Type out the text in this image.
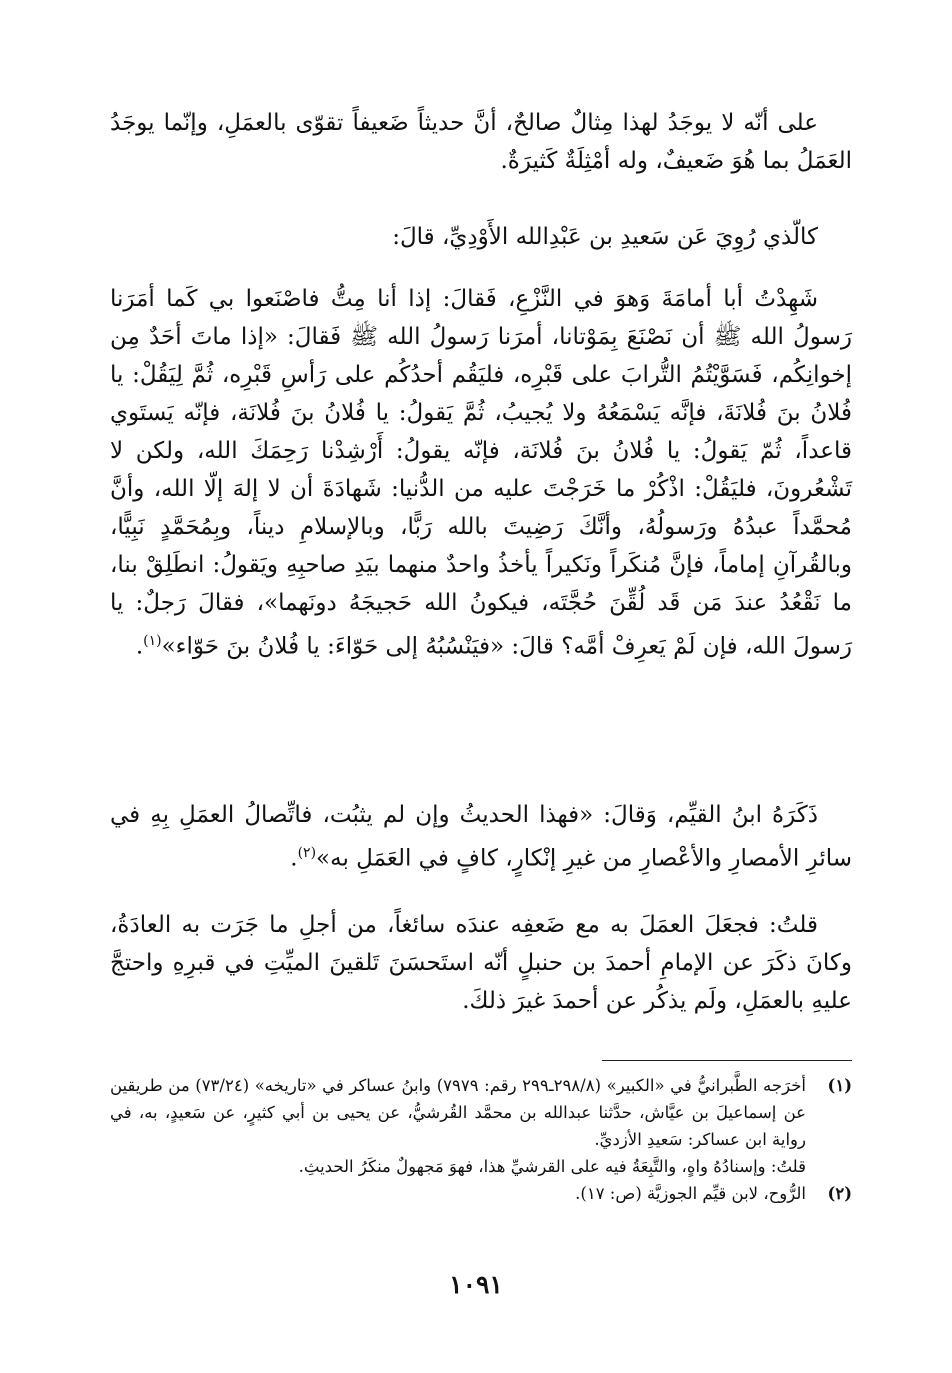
على أنّه لا يوجَدُ لهذا مِثالٌ صالحٌ، أنَّ حديثاً ضَعيفاً تقوّى بالعمَلِ، وإنّما يوجَدُ العَمَلُ بما هُوَ ضَعيفٌ، وله أمْثِلَةٌ كَثيرَةٌ.

كالّذي رُوِيَ عَن سَعيدِ بن عَبْدِالله الأَوْدِيِّ، قالَ:

شَهِدْتُ أبا أمامَةَ وَهوَ في النَّزْعِ، فَقالَ: إذا أنا مِتُّ فاصْنَعوا بي كَما أمَرَنا رَسولُ الله ﷺ أن نَصْنَعَ بِمَوْتانا، أمرَنا رَسولُ الله ﷺ فَقالَ: «إذا ماتَ أحَدٌ مِن إخوانِكُم، فَسَوَّيْتُمُ التُّرابَ على قَبْرِه، فليَقُم أحدُكُم على رَأسِ قَبْرِه، ثُمَّ لِيَقُلْ: يا فُلانُ بنَ فُلانَةَ، فإنَّه يَسْمَعُهُ ولا يُجيبُ، ثُمَّ يَقولُ: يا فُلانُ بنَ فُلانَة، فإنّه يَستَوي قاعداً، ثُمّ يَقولُ: يا فُلانُ بنَ فُلانَة، فإنّه يقولُ: أَرْشِدْنا رَحِمَكَ الله، ولكن لا تَشْعُرونَ، فليَقُلْ: اذْكُرْ ما خَرَجْتَ عليه من الدُّنيا: شَهادَةَ أن لا إلهَ إلّا الله، وأنَّ مُحمَّداً عبدُهُ ورَسولُهُ، وأنَّكَ رَضِيتَ بالله رَبًّا، وبالإسلامِ ديناً، وبِمُحَمَّدٍ نَبِيًّا، وبالقُرآنِ إماماً، فإنَّ مُنكَراً ونَكيراً يأخذُ واحدٌ منهما بيَدِ صاحبِهِ ويَقولُ: انطَلِقْ بنا، ما نَقْعُدُ عندَ مَن قَد لُقِّنَ حُجَّتَه، فيكونُ الله حَجيجَهُ دونَهما»، فقالَ رَجلٌ: يا رَسولَ الله، فإن لَمْ يَعرِفْ أمَّه؟ قالَ: «فيَنْسُبُهُ إلى حَوّاءَ: يا فُلانُ بنَ حَوّاء»$^{(١)}$.

ذَكَرَهُ ابنُ القيِّم، وَقالَ: «فهذا الحديثُ وإن لم يثبُت، فاتِّصالُ العمَلِ بِهِ في سائرِ الأمصارِ والأعْصارِ من غيرِ إنْكارٍ، كافٍ في العَمَلِ به»$^{(٢)}$.

قلتُ: فجعَلَ العمَلَ به مع ضَعفِه عندَه سائغاً، من أجلِ ما جَرَت به العادَةُ، وكانَ ذكَرَ عن الإمامِ أحمدَ بن حنبلٍ أنّه استَحسَنَ تَلقينَ الميِّتِ في قبرِهِ واحتجَّ عليهِ بالعمَلِ، ولَم يذكُر عن أحمدَ غيرَ ذلكَ.

(١)
أخرَجه الطَّبرانيُّ في «الكبير» (٢٩٨/٨ـ٢٩٩ رقم: ٧٩٧٩) وابنُ عساكر في «تاريخه» (٧٣/٢٤) من طريقين عن إسماعيلَ بن عيَّاش، حدَّثنا عبدالله بن محمَّد القُرشيُّ، عن يحيى بن أبي كثيرٍ، عن سَعيدٍ، به، في رواية ابن عساكر: سَعيدِ الأزديِّ.
قلتُ: وإسنادُهُ واهٍ، والتَّبِعَةُ فيه على القرشيِّ هذا، فهوَ مَجهولٌ منكَرُ الحديثِ.
(٢)
الرُّوح، لابن قيِّم الجوزيَّة (ص: ١٧).
١٠٩١
